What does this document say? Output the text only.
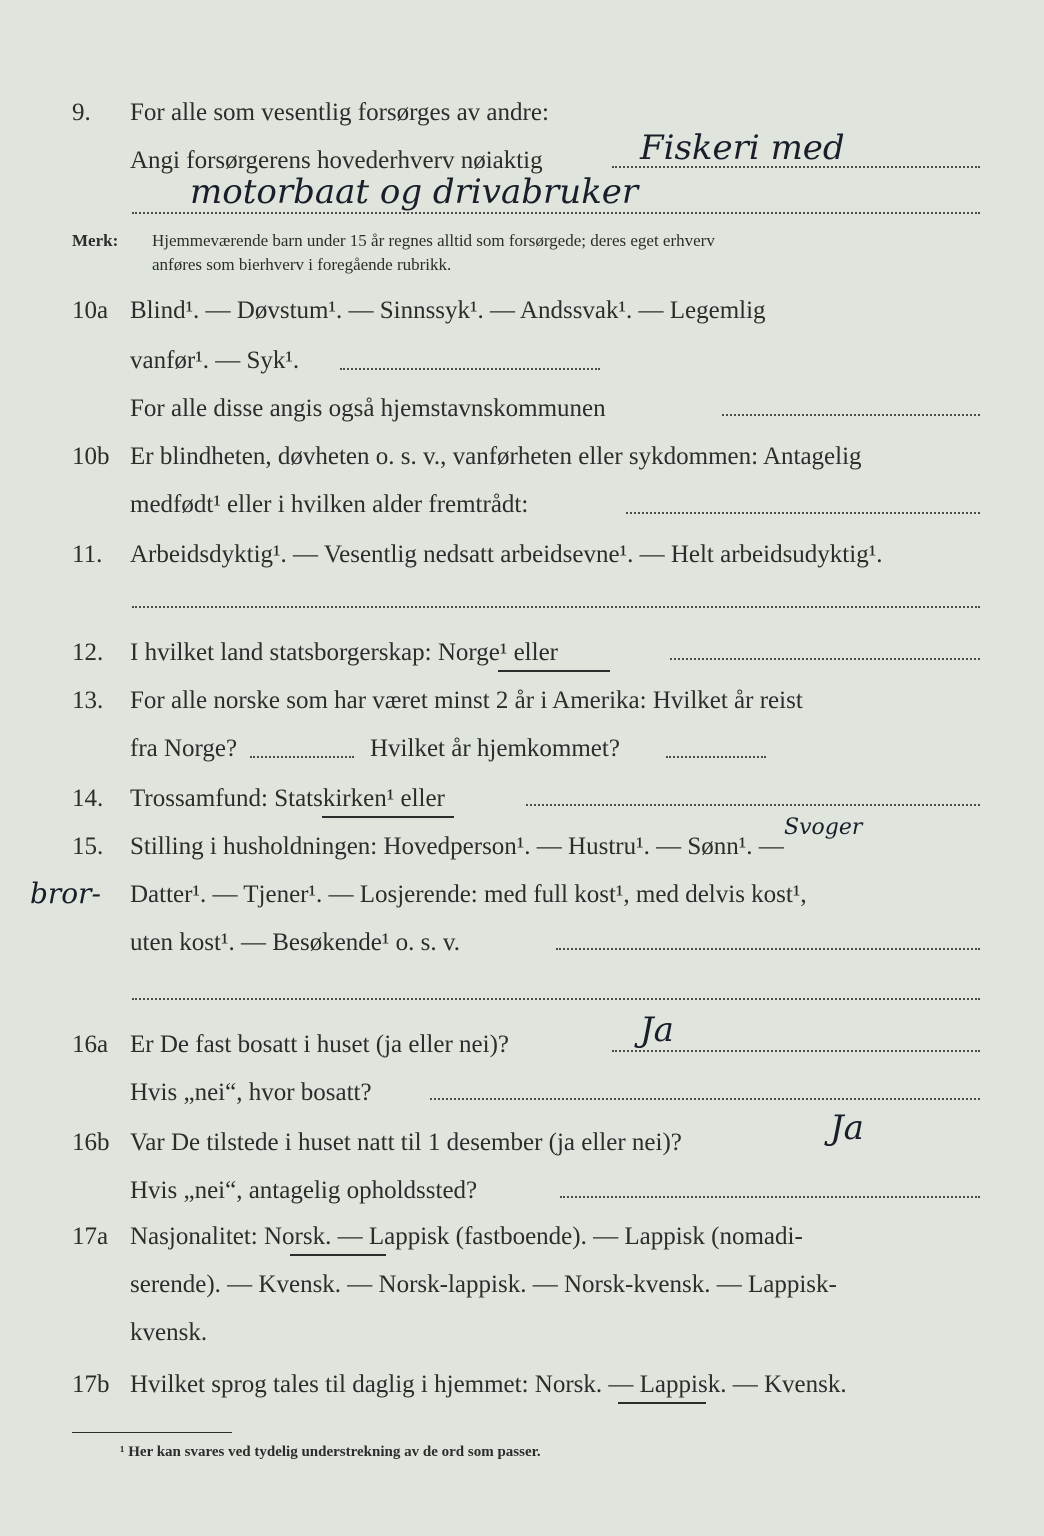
9. For alle som vesentlig forsørges av andre:
Angi forsørgerens hovederhverv nøiaktig	Fiskeri med
motorbaat og drivabruker
Merk: Hjemmeværende barn under 15 år regnes alltid som forsørgede; deres eget erhverv
anføres som bierhverv i foregående rubrikk.
10a Blind¹. — Døvstum¹. — Sinnssyk¹. — Andssvak¹. — Legemlig
vanfør¹. — Syk¹.
For alle disse angis også hjemstavnskommunen
10b Er blindheten, døvheten o. s. v., vanførheten eller sykdommen: Antagelig
medfødt¹ eller i hvilken alder fremtrådt:
11. Arbeidsdyktig¹. — Vesentlig nedsatt arbeidsevne¹. — Helt arbeidsudyktig¹.
12. I hvilket land statsborgerskap: Norge¹ eller
13. For alle norske som har været minst 2 år i Amerika: Hvilket år reist
fra Norge?	Hvilket år hjemkommet?
14. Trossamfund: Statskirken¹ eller
15. Stilling i husholdningen: Hovedperson¹. — Hustru¹. — Sønn¹. —
Svoger
bror- Datter¹. — Tjener¹. — Losjerende: med full kost¹, med delvis kost¹,
uten kost¹. — Besøkende¹ o. s. v.
16a Er De fast bosatt i huset (ja eller nei)?	Ja
Hvis „nei“, hvor bosatt?
16b Var De tilstede i huset natt til 1 desember (ja eller nei)?	Ja
Hvis „nei“, antagelig opholdssted?
17a Nasjonalitet: Norsk. — Lappisk (fastboende). — Lappisk (nomadi-
serende). — Kvensk. — Norsk-lappisk. — Norsk-kvensk. — Lappisk-
kvensk.
17b Hvilket sprog tales til daglig i hjemmet: Norsk. — Lappisk. — Kvensk.
¹ Her kan svares ved tydelig understrekning av de ord som passer.
